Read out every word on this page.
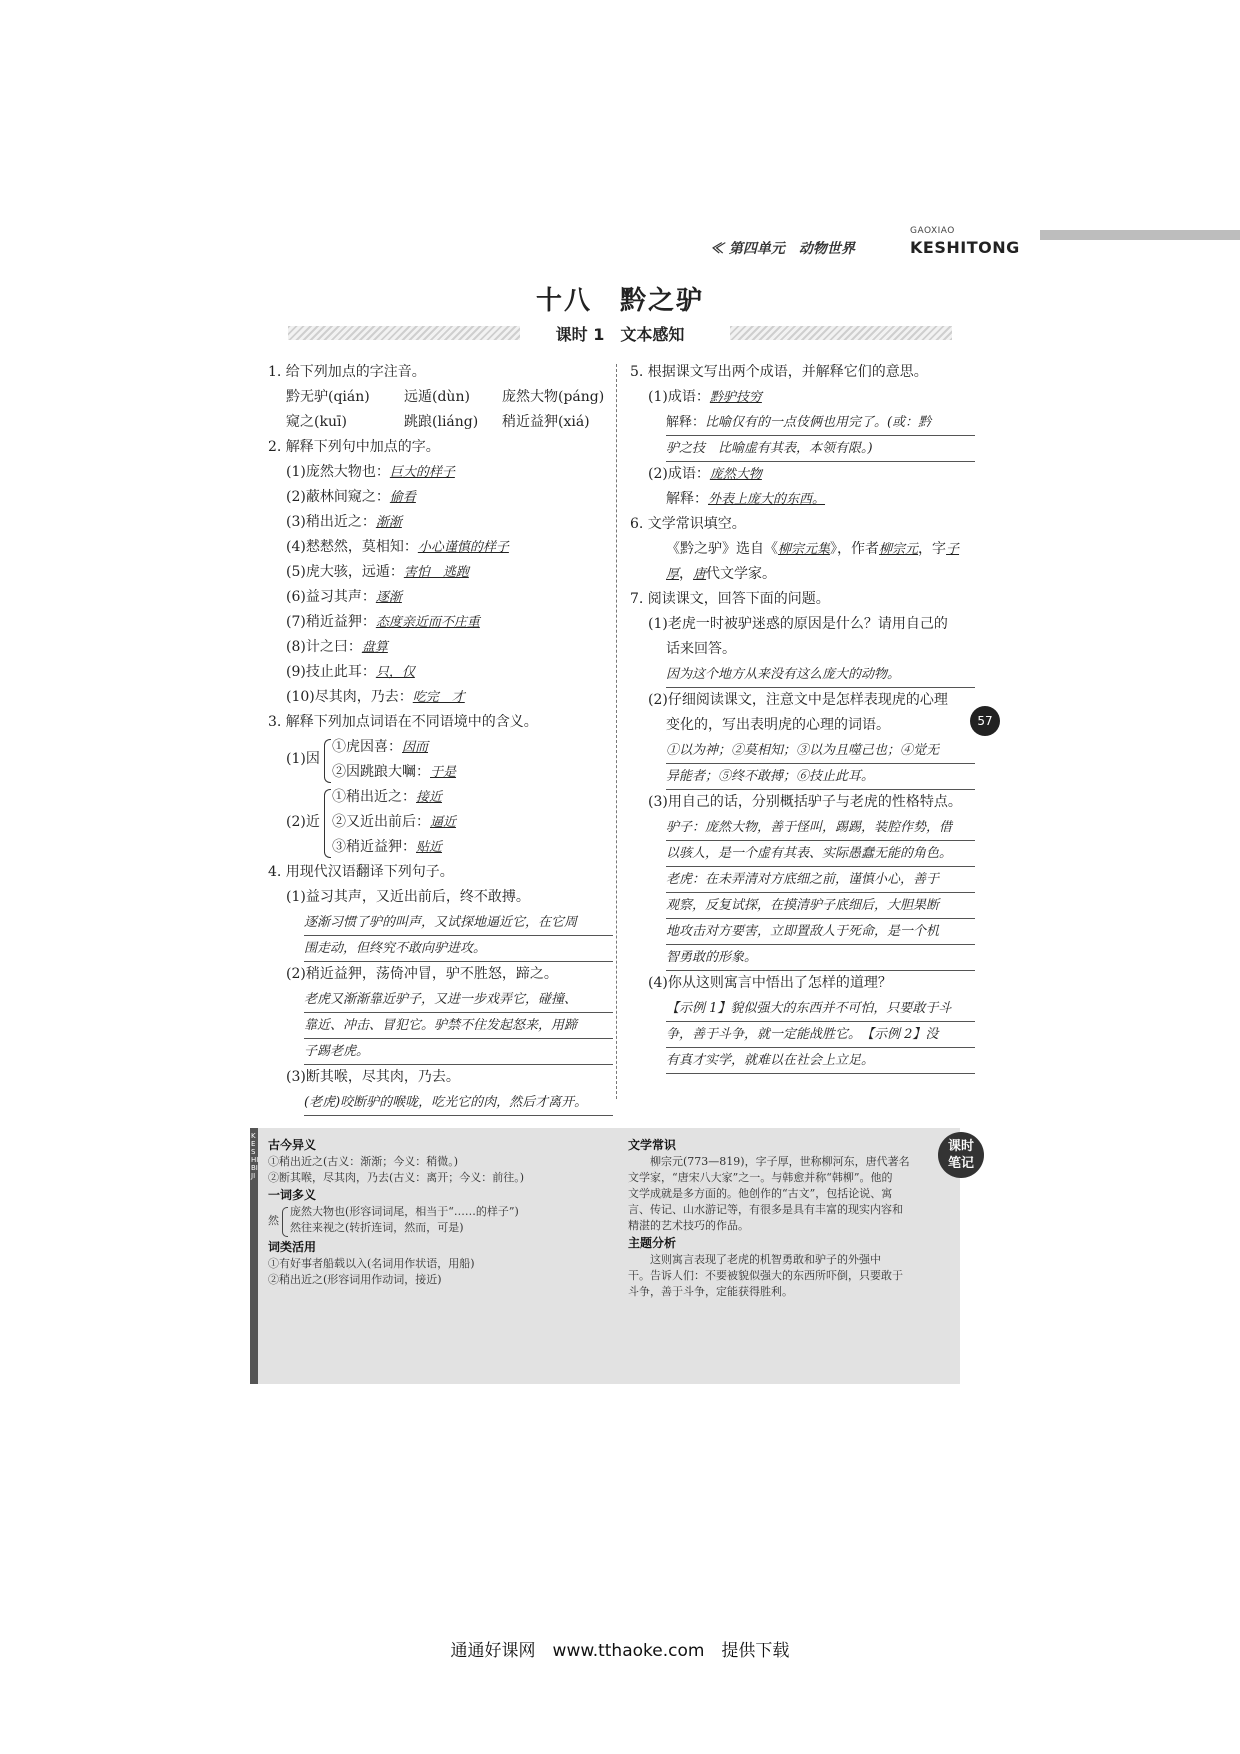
≪ 第四单元　动物世界
GAOXIAO
KESHITONG
十八　黔之驴
课时 1　文本感知
1. 给下列加点的字注音。
黔无驴(qián) 远遁(dùn) 庞然大物(páng)
窥之(kuī)	跳踉(liáng) 稍近益狎(xiá)
2. 解释下列句中加点的字。
(1)庞然大物也：巨大的样子
(2)蔽林间窥之：偷看
(3)稍出近之：渐渐
(4)慭慭然，莫相知：小心谨慎的样子
(5)虎大骇，远遁：害怕　逃跑
(6)益习其声：逐渐
(7)稍近益狎：态度亲近而不庄重
(8)计之曰：盘算
(9)技止此耳：只，仅
(10)尽其肉，乃去：吃完　才
3. 解释下列加点词语在不同语境中的含义。
(1)因
①虎因喜：因而
②因跳踉大㘎：于是
(2)近
①稍出近之：接近
②又近出前后：逼近
③稍近益狎：贴近
4. 用现代汉语翻译下列句子。
(1)益习其声，又近出前后，终不敢搏。
逐渐习惯了驴的叫声，又试探地逼近它，在它周
围走动，但终究不敢向驴进攻。
(2)稍近益狎，荡倚冲冒，驴不胜怒，蹄之。
老虎又渐渐靠近驴子，又进一步戏弄它，碰撞、
靠近、冲击、冒犯它。驴禁不住发起怒来，用蹄
子踢老虎。
(3)断其喉，尽其肉，乃去。
(老虎)咬断驴的喉咙，吃光它的肉，然后才离开。
5. 根据课文写出两个成语，并解释它们的意思。
(1)成语：黔驴技穷
解释：比喻仅有的一点伎俩也用完了。(或：黔
驴之技　比喻虚有其表，本领有限。)
(2)成语：庞然大物
解释：外表上庞大的东西。
6. 文学常识填空。
《黔之驴》选自《柳宗元集》，作者柳宗元，字子
厚，唐代文学家。
7. 阅读课文，回答下面的问题。
(1)老虎一时被驴迷惑的原因是什么？请用自己的
话来回答。
因为这个地方从来没有这么庞大的动物。
(2)仔细阅读课文，注意文中是怎样表现虎的心理
变化的，写出表明虎的心理的词语。
①以为神；②莫相知；③以为且噬己也；④觉无
异能者；⑤终不敢搏；⑥技止此耳。
(3)用自己的话，分别概括驴子与老虎的性格特点。
驴子：庞然大物，善于怪叫，踢踢，装腔作势，借
以骇人，是一个虚有其表、实际愚蠢无能的角色。
老虎：在未弄清对方底细之前，谨慎小心，善于
观察，反复试探，在摸清驴子底细后，大胆果断
地攻击对方要害，立即置敌人于死命，是一个机
智勇敢的形象。
(4)你从这则寓言中悟出了怎样的道理？
【示例 1】貌似强大的东西并不可怕，只要敢于斗
争，善于斗争，就一定能战胜它。　【示例 2】没
有真才实学，就难以在社会上立足。
57
KESHIBIJI
课时
笔记
古今异义
①稍出近之(古义：渐渐；今义：稍微。)
②断其喉，尽其肉，乃去(古义：离开；今义：前往。)
一词多义
然
庞然大物也(形容词词尾，相当于“……的样子”)
然往来视之(转折连词，然而，可是)
词类活用
①有好事者船载以入(名词用作状语，用船)
②稍出近之(形容词用作动词，接近)
文学常识
柳宗元(773—819)，字子厚，世称柳河东，唐代著名
文学家，“唐宋八大家”之一。与韩愈并称“韩柳”。他的
文学成就是多方面的。他创作的“古文”，包括论说、寓
言、传记、山水游记等，有很多是具有丰富的现实内容和
精湛的艺术技巧的作品。
主题分析
这则寓言表现了老虎的机智勇敢和驴子的外强中
干。告诉人们：不要被貌似强大的东西所吓倒，只要敢于
斗争，善于斗争，定能获得胜利。
通通好课网　www.tthaoke.com　提供下载
